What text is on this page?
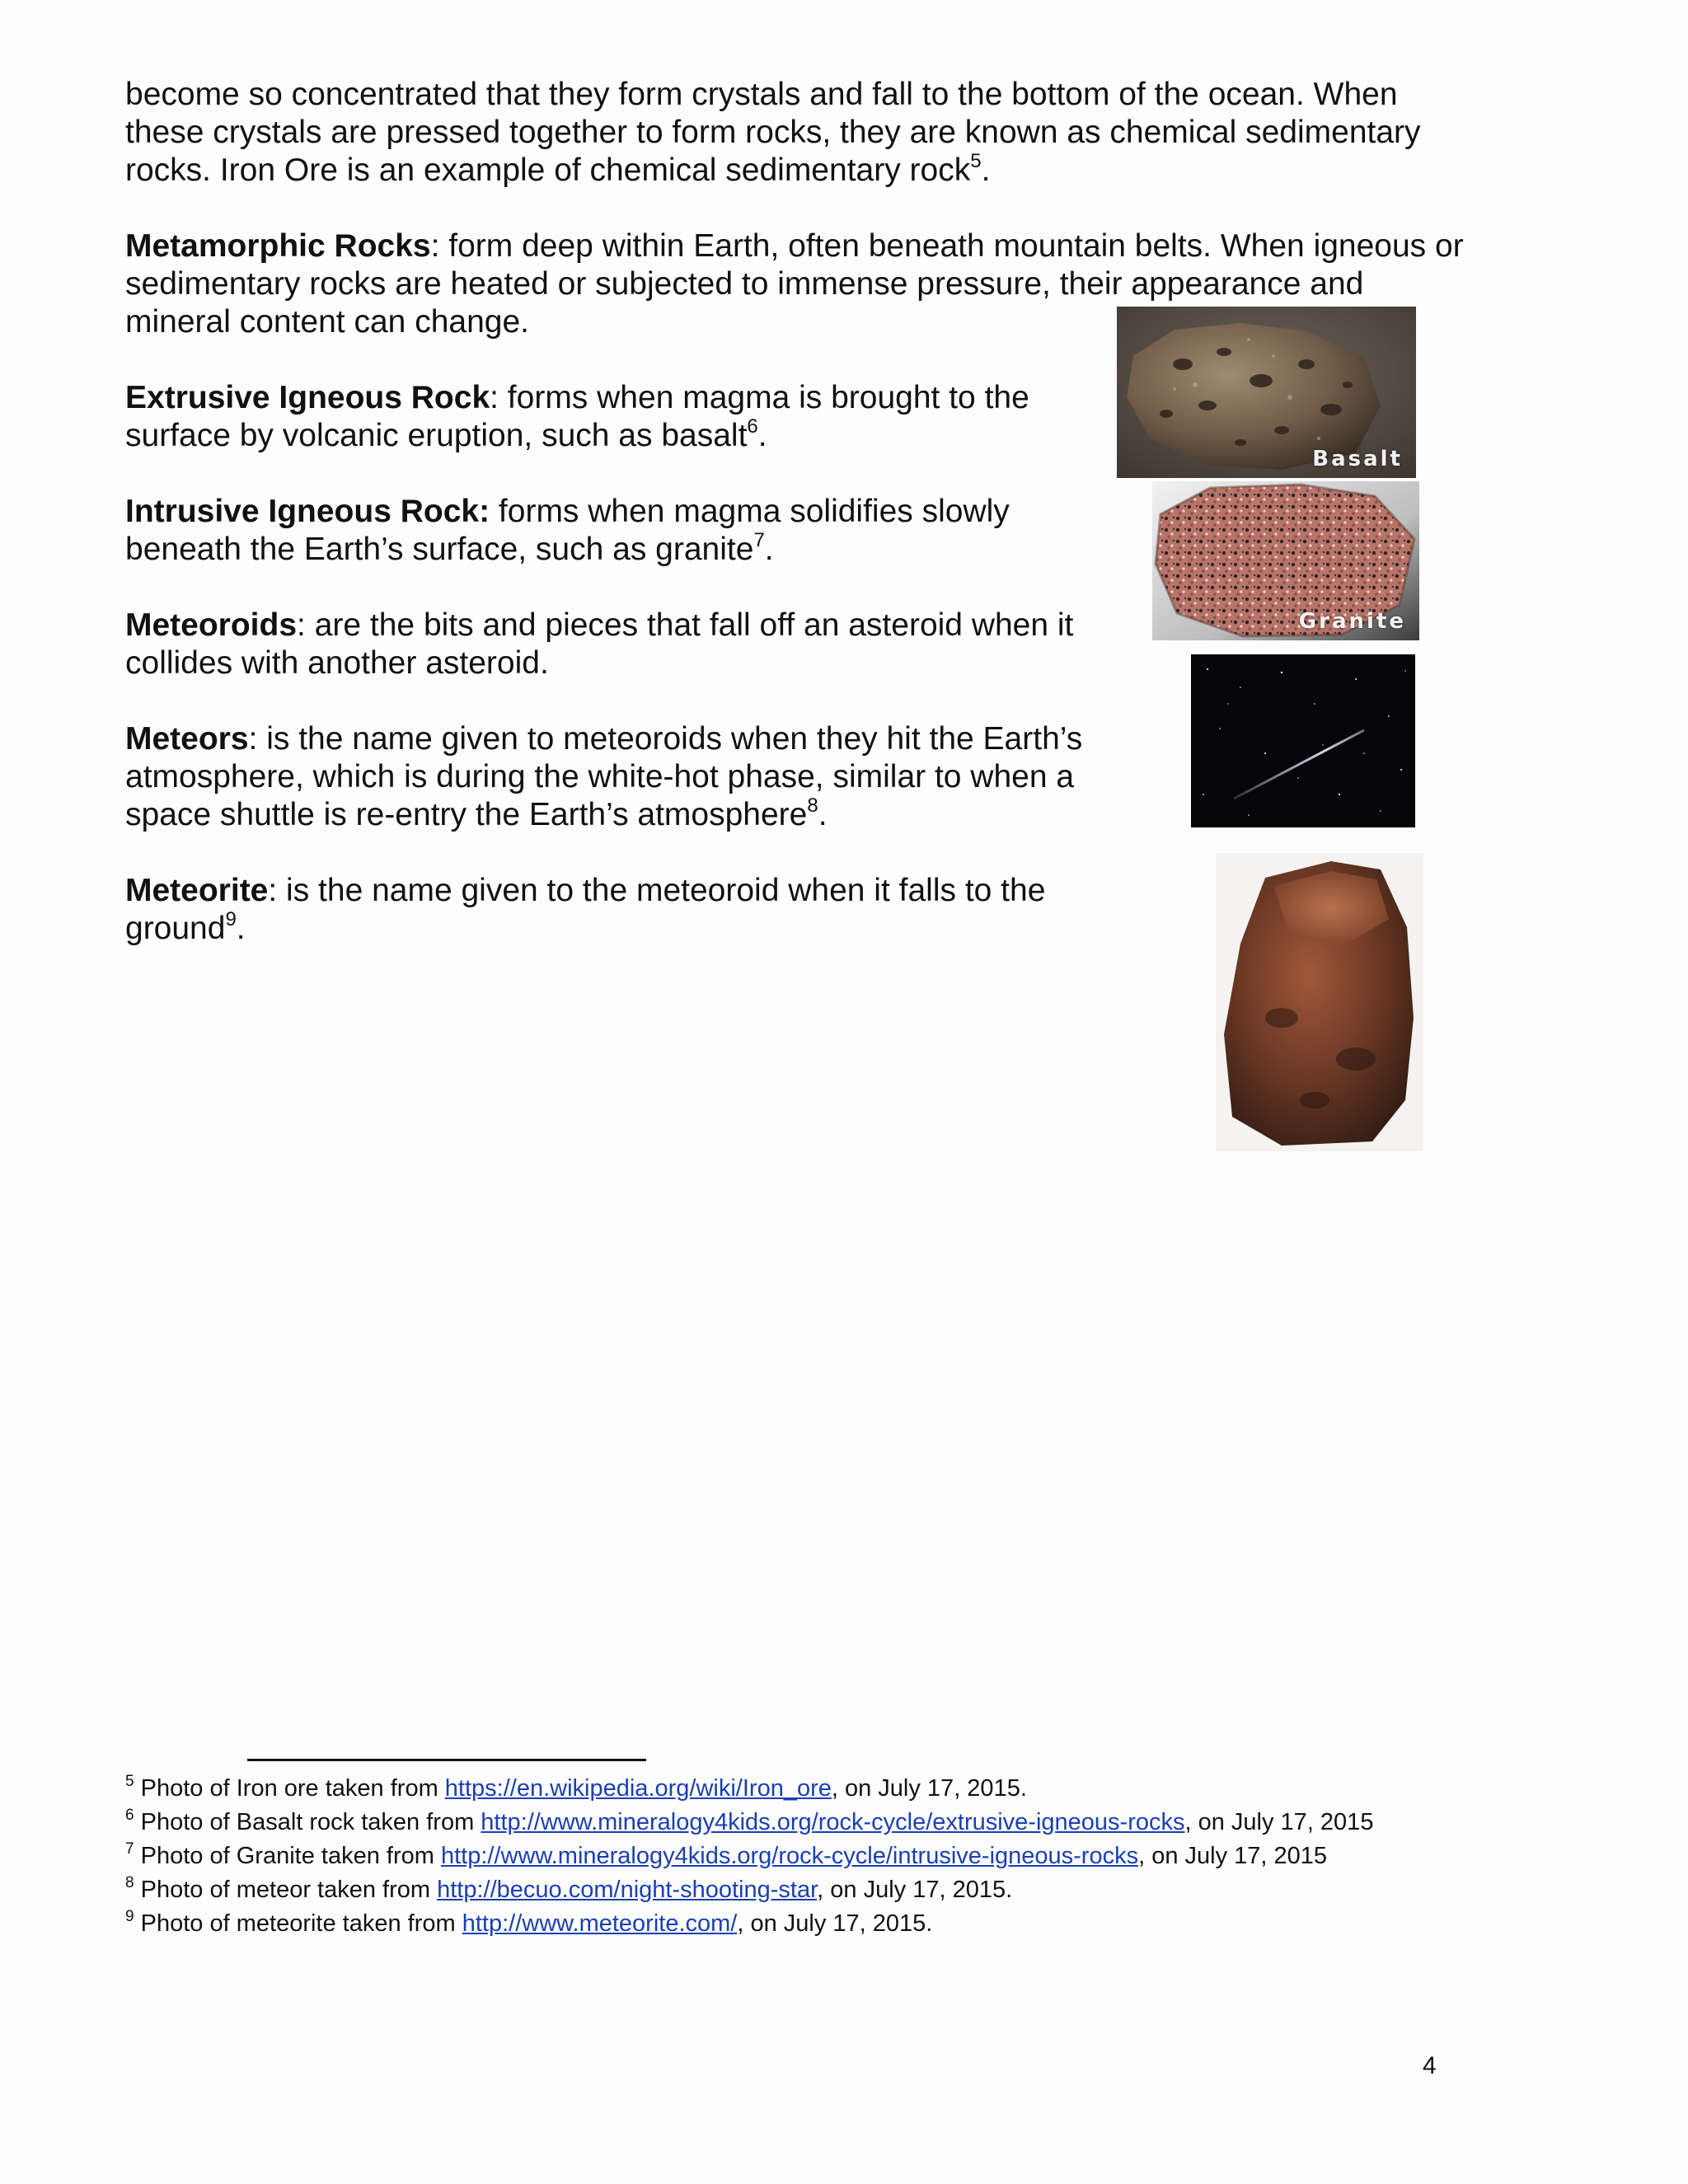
become so concentrated that they form crystals and fall to the bottom of the ocean. When these crystals are pressed together to form rocks, they are known as chemical sedimentary rocks. Iron Ore is an example of chemical sedimentary rock$^5$.

Metamorphic Rocks: form deep within Earth, often beneath mountain belts. When igneous or sedimentary rocks are heated or subjected to immense pressure, their appearance and mineral content can change.

Extrusive Igneous Rock: forms when magma is brought to the surface by volcanic eruption, such as basalt$^6$.

Intrusive Igneous Rock: forms when magma solidifies slowly beneath the Earth’s surface, such as granite$^7$.

Meteoroids: are the bits and pieces that fall off an asteroid when it collides with another asteroid.

Meteors: is the name given to meteoroids when they hit the Earth’s atmosphere, which is during the white-hot phase, similar to when a space shuttle is re-entry the Earth’s atmosphere$^8$.

Meteorite: is the name given to the meteoroid when it falls to the ground$^9$.

Basalt
Granite

$^5$ Photo of Iron ore taken from https://en.wikipedia.org/wiki/Iron_ore, on July 17, 2015.

$^6$ Photo of Basalt rock taken from http://www.mineralogy4kids.org/rock-cycle/extrusive-igneous-rocks, on July 17, 2015

$^7$ Photo of Granite taken from http://www.mineralogy4kids.org/rock-cycle/intrusive-igneous-rocks, on July 17, 2015

$^8$ Photo of meteor taken from http://becuo.com/night-shooting-star, on July 17, 2015.

$^9$ Photo of meteorite taken from http://www.meteorite.com/, on July 17, 2015.

4
